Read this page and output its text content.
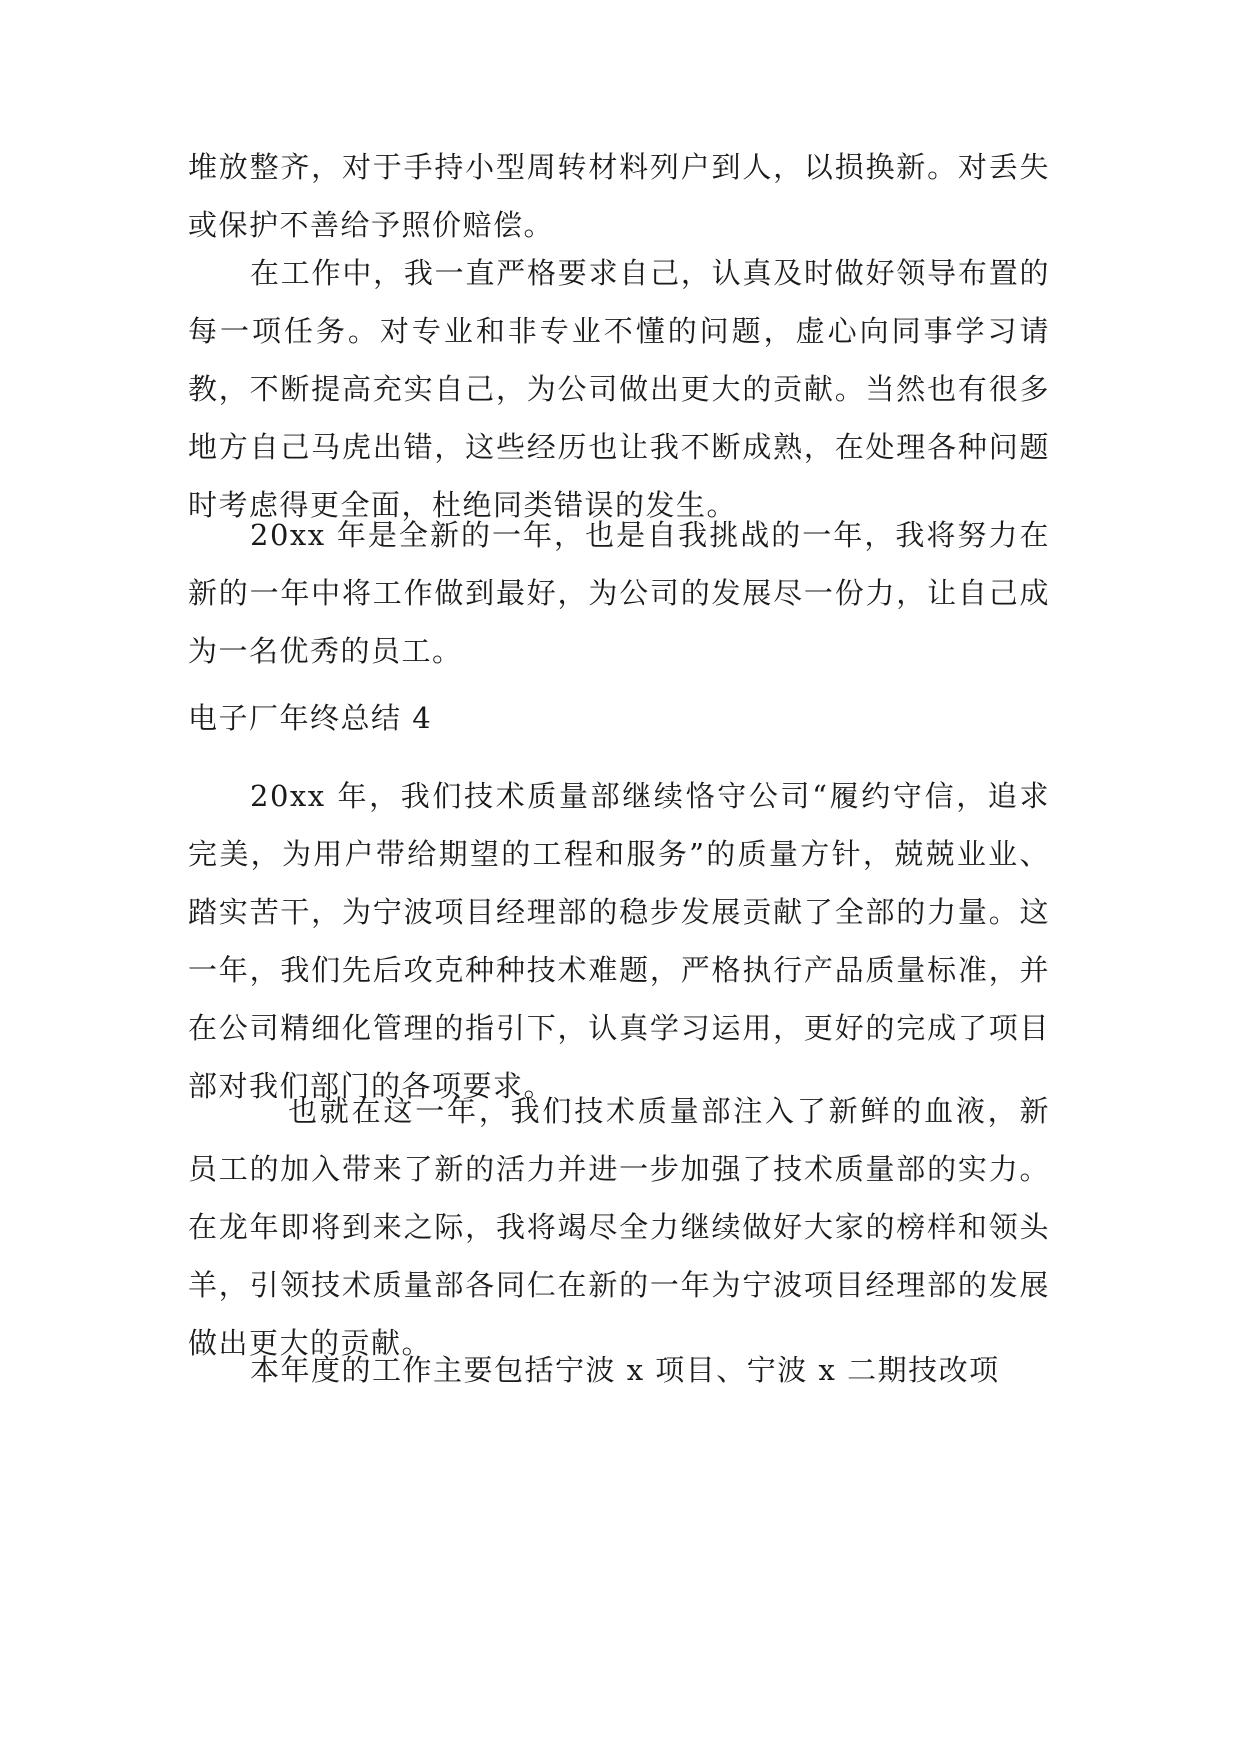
堆放整齐，对于手持小型周转材料列户到人，以损换新。对丢失或保护不善给予照价赔偿。

在工作中，我一直严格要求自己，认真及时做好领导布置的每一项任务。对专业和非专业不懂的问题，虚心向同事学习请教，不断提高充实自己，为公司做出更大的贡献。当然也有很多地方自己马虎出错，这些经历也让我不断成熟，在处理各种问题时考虑得更全面，杜绝同类错误的发生。

20xx 年是全新的一年，也是自我挑战的一年，我将努力在新的一年中将工作做到最好，为公司的发展尽一份力，让自己成为一名优秀的员工。

电子厂年终总结 4

20xx 年，我们技术质量部继续恪守公司“履约守信，追求完美，为用户带给期望的工程和服务”的质量方针，兢兢业业、踏实苦干，为宁波项目经理部的稳步发展贡献了全部的力量。这一年，我们先后攻克种种技术难题，严格执行产品质量标准，并在公司精细化管理的指引下，认真学习运用，更好的完成了项目部对我们部门的各项要求。

也就在这一年，我们技术质量部注入了新鲜的血液，新员工的加入带来了新的活力并进一步加强了技术质量部的实力。在龙年即将到来之际，我将竭尽全力继续做好大家的榜样和领头羊，引领技术质量部各同仁在新的一年为宁波项目经理部的发展做出更大的贡献。

本年度的工作主要包括宁波 x 项目、宁波 x 二期技改项
